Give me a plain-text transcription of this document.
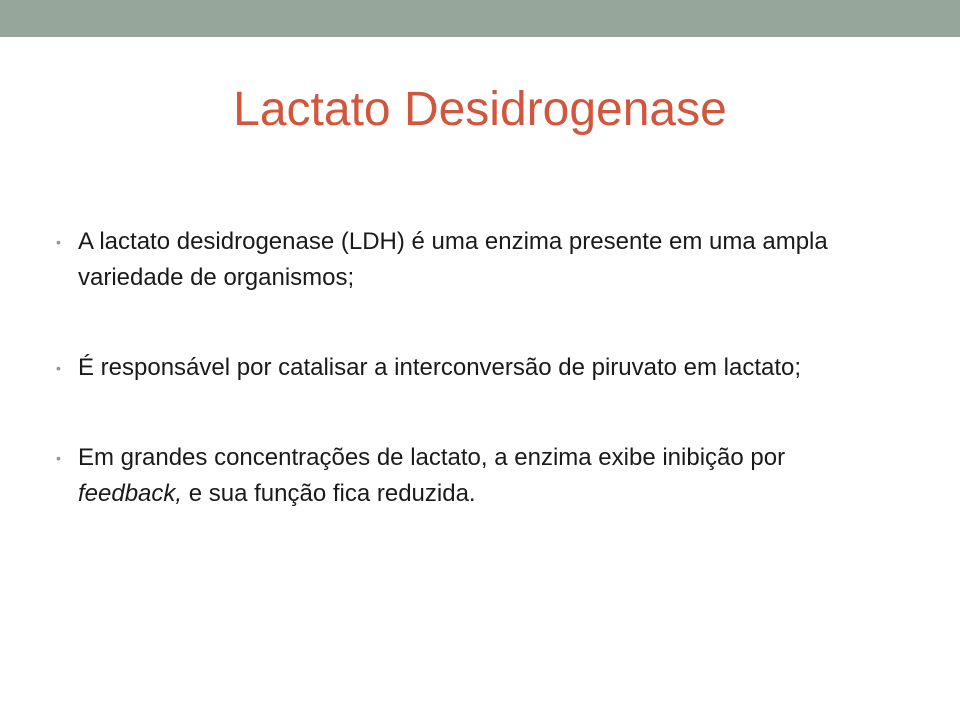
Lactato Desidrogenase
• A lactato desidrogenase (LDH) é uma enzima presente em uma ampla variedade de organismos;
• É responsável por catalisar a interconversão de piruvato em lactato;
• Em grandes concentrações de lactato, a enzima exibe inibição por feedback, e sua função fica reduzida.
